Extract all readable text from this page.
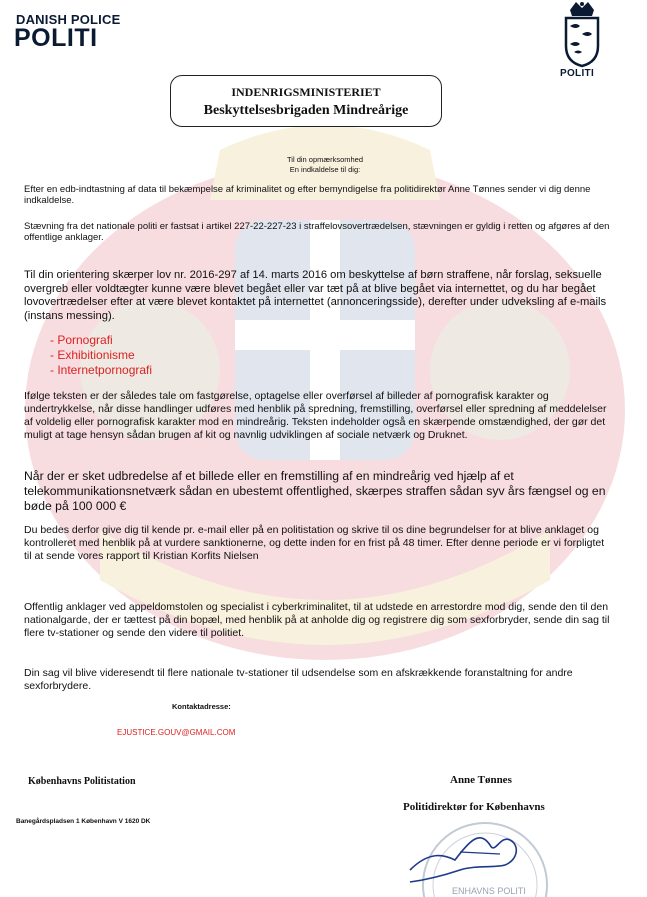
DANISH POLICE
POLITI
POLITI
INDENRIGSMINISTERIET
Beskyttelsesbrigaden Mindreårige
Til din opmærksomhed
En indkaldelse til dig:

Efter en edb-indtastning af data til bekæmpelse af kriminalitet og efter bemyndigelse fra politidirektør Anne Tønnes sender vi dig denne indkaldelse.

Stævning fra det nationale politi er fastsat i artikel 227-22-227-23 i straffelovsovertrædelsen, stævningen er gyldig i retten og afgøres af den offentlige anklager.

Til din orientering skærper lov nr. 2016-297 af 14. marts 2016 om beskyttelse af børn straffene, når forslag, seksuelle overgreb eller voldtægter kunne være blevet begået eller var tæt på at blive begået via internettet, og du har begået lovovertrædelser efter at være blevet kontaktet på internettet (annonceringsside), derefter under udveksling af e-mails (instans messing).

- Pornografi
- Exhibitionisme
- Internetpornografi

Ifølge teksten er der således tale om fastgørelse, optagelse eller overførsel af billeder af pornografisk karakter og undertrykkelse, når disse handlinger udføres med henblik på spredning, fremstilling, overførsel eller spredning af meddelelser af voldelig eller pornografisk karakter mod en mindreårig. Teksten indeholder også en skærpende omstændighed, der gør det muligt at tage hensyn sådan brugen af kit og navnlig udviklingen af sociale netværk og Druknet.

Når der er sket udbredelse af et billede eller en fremstilling af en mindreårig ved hjælp af et telekommunikationsnetværk sådan en ubestemt offentlighed, skærpes straffen sådan syv års fængsel og en bøde på 100 000 €

Du bedes derfor give dig til kende pr. e-mail eller på en politistation og skrive til os dine begrundelser for at blive anklaget og kontrolleret med henblik på at vurdere sanktionerne, og dette inden for en frist på 48 timer. Efter denne periode er vi forpligtet til at sende vores rapport til Kristian Korfits Nielsen

Offentlig anklager ved appeldomstolen og specialist i cyberkriminalitet, til at udstede en arrestordre mod dig, sende den til den nationalgarde, der er tættest på din bopæl, med henblik på at anholde dig og registrere dig som sexforbryder, sende din sag til flere tv-stationer og sende den videre til politiet.

Din sag vil blive videresendt til flere nationale tv-stationer til udsendelse som en afskrækkende foranstaltning for andre sexforbrydere.

Kontaktadresse:
EJUSTICE.GOUV@GMAIL.COM
Københavns Politistation
Banegårdspladsen 1 København V 1620 DK
Anne Tønnes
Politidirektør for Københavns
ENHAVNS POLITI
